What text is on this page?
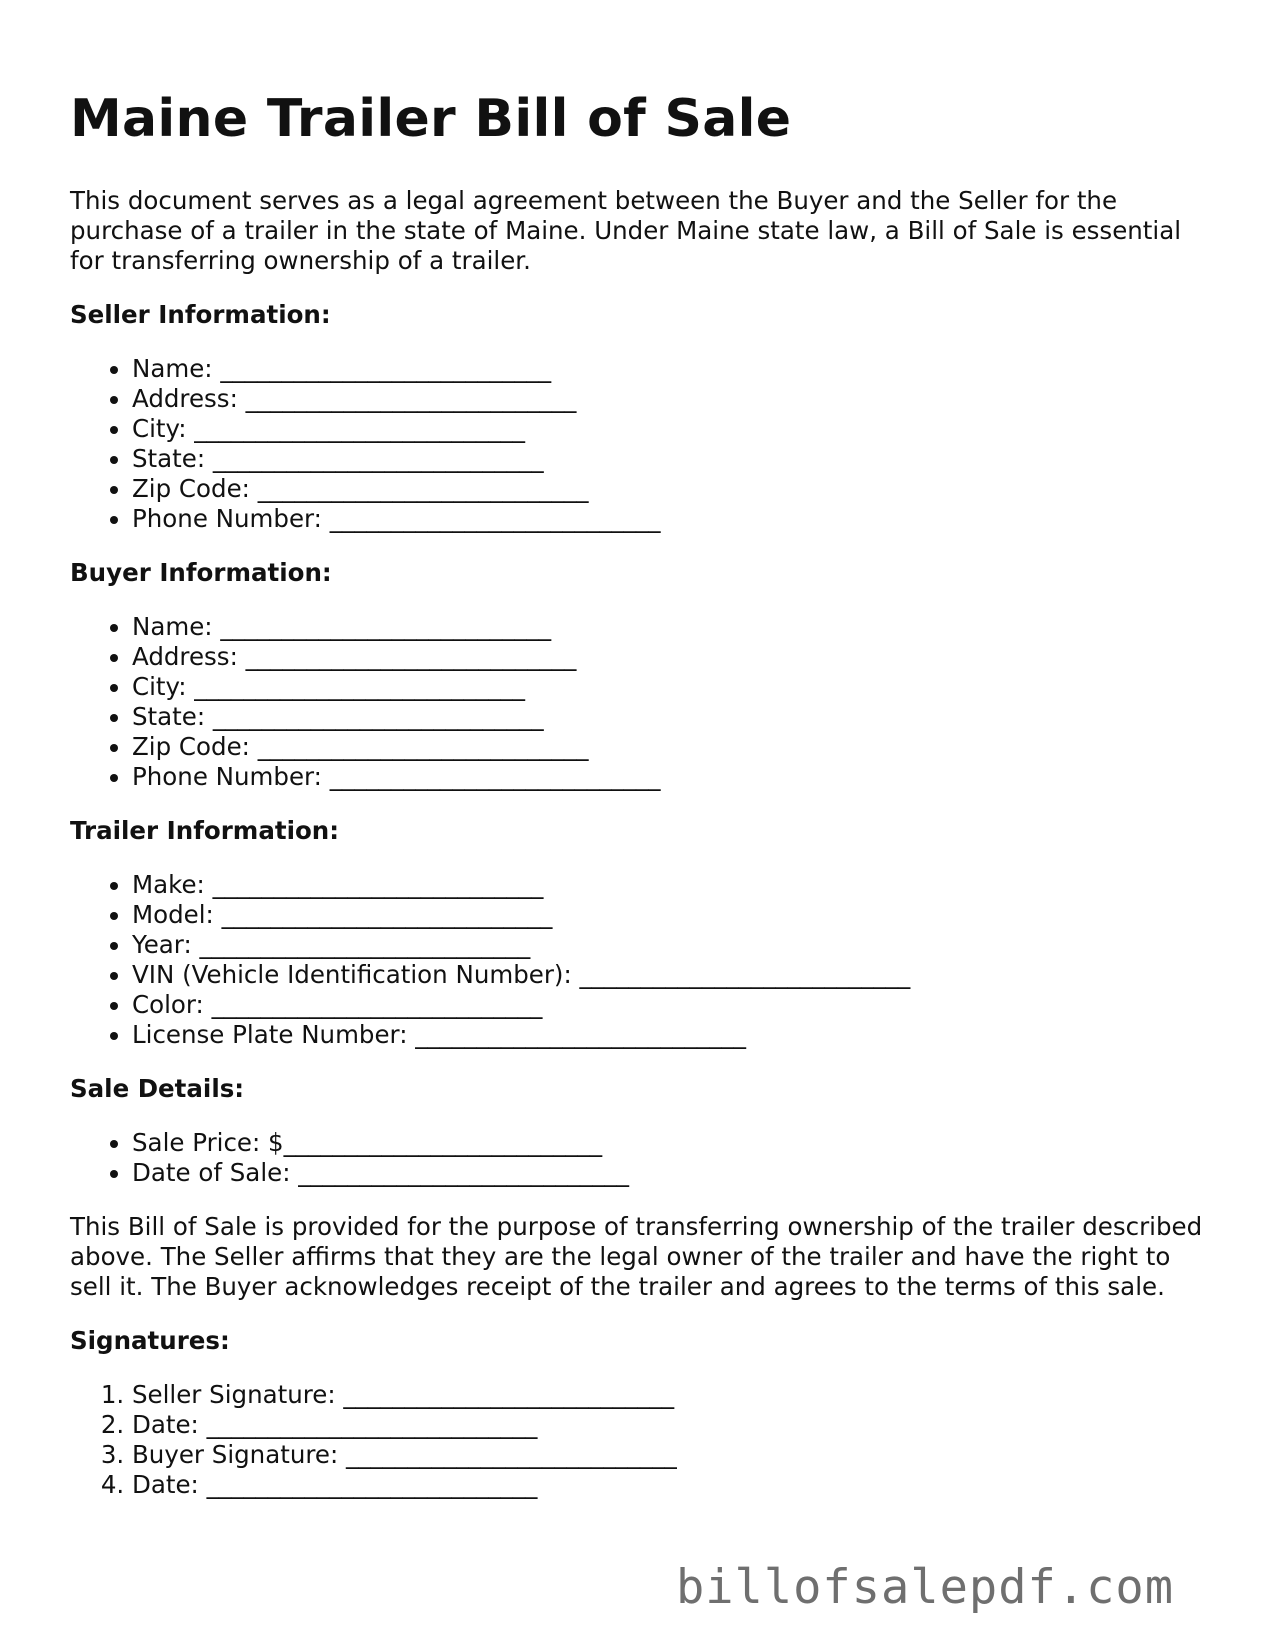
Maine Trailer Bill of Sale

This document serves as a legal agreement between the Buyer and the Seller for the purchase of a trailer in the state of Maine. Under Maine state law, a Bill of Sale is essential for transferring ownership of a trailer.

Seller Information:
• Name: ___________________________
• Address: ___________________________
• City: ___________________________
• State: ___________________________
• Zip Code: ___________________________
• Phone Number: ___________________________
Buyer Information:
• Name: ___________________________
• Address: ___________________________
• City: ___________________________
• State: ___________________________
• Zip Code: ___________________________
• Phone Number: ___________________________
Trailer Information:
• Make: ___________________________
• Model: ___________________________
• Year: ___________________________
• VIN (Vehicle Identification Number): ___________________________
• Color: ___________________________
• License Plate Number: ___________________________
Sale Details:
• Sale Price: $__________________________
• Date of Sale: ___________________________

This Bill of Sale is provided for the purpose of transferring ownership of the trailer described above. The Seller affirms that they are the legal owner of the trailer and have the right to sell it. The Buyer acknowledges receipt of the trailer and agrees to the terms of this sale.

Signatures:
1. Seller Signature: ___________________________
2. Date: ___________________________
3. Buyer Signature: ___________________________
4. Date: ___________________________
billofsalepdf.com
